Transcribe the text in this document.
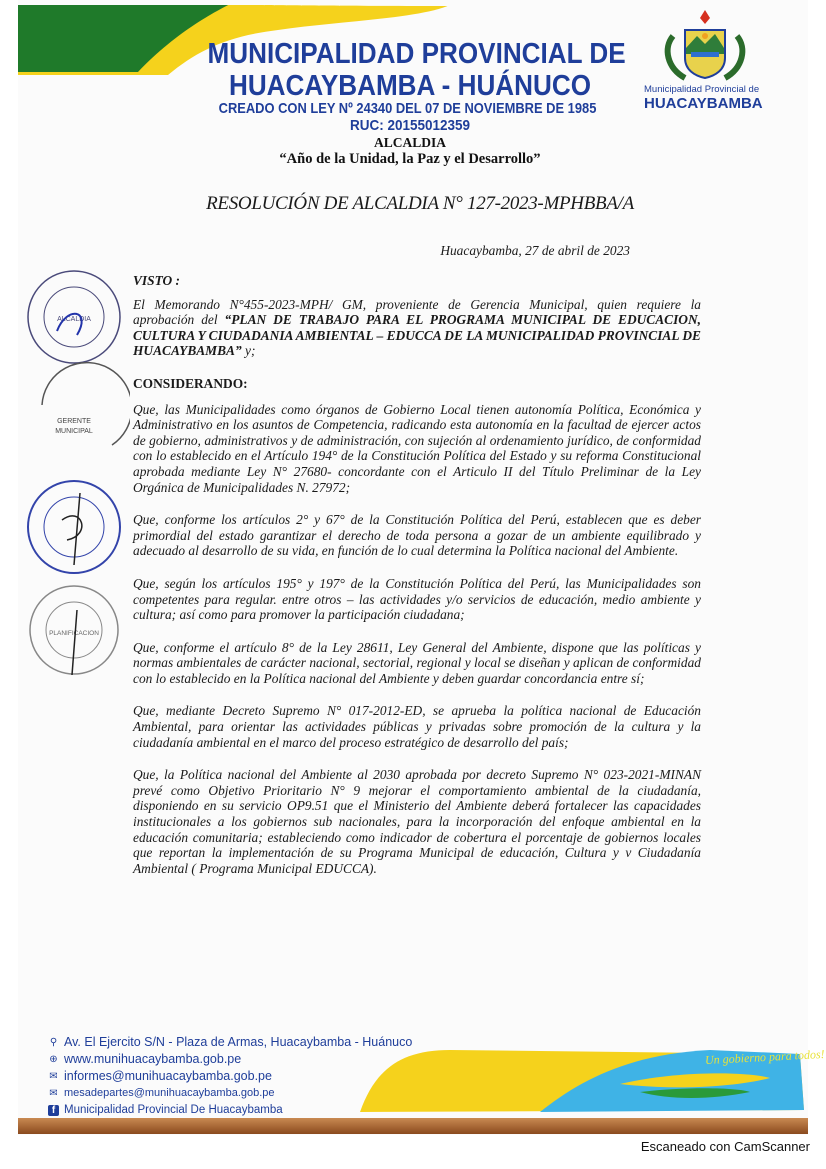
MUNICIPALIDAD PROVINCIAL DE
HUACAYBAMBA - HUÁNUCO
CREADO CON LEY Nº 24340 DEL 07 DE NOVIEMBRE DE 1985
RUC: 20155012359
ALCALDIA
“Año de la Unidad, la Paz y el Desarrollo”
Municipalidad Provincial de
HUACAYBAMBA
RESOLUCIÓN DE ALCALDIA N° 127-2023-MPHBBA/A
Huacaybamba, 27 de abril de 2023
VISTO :
El Memorando N°455-2023-MPH/ GM, proveniente de Gerencia Municipal, quien requiere la aprobación del “PLAN DE TRABAJO PARA EL PROGRAMA MUNICIPAL DE EDUCACION, CULTURA Y CIUDADANIA AMBIENTAL – EDUCCA DE LA MUNICIPALIDAD PROVINCIAL DE HUACAYBAMBA” y;
CONSIDERANDO:
Que, las Municipalidades como órganos de Gobierno Local tienen autonomía Política, Económica y Administrativo en los asuntos de Competencia, radicando esta autonomía en la facultad de ejercer actos de gobierno, administrativos y de administración, con sujeción al ordenamiento jurídico, de conformidad con lo establecido en el Artículo 194° de la Constitución Política del Estado y su reforma Constitucional aprobada mediante Ley N° 27680- concordante con el Articulo II del Título Preliminar de la Ley Orgánica de Municipalidades N. 27972;
Que, conforme los artículos 2° y 67° de la Constitución Política del Perú, establecen que es deber primordial del estado garantizar el derecho de toda persona a gozar de un ambiente equilibrado y adecuado al desarrollo de su vida, en función de lo cual determina la Política nacional del Ambiente.
Que, según los artículos 195° y 197° de la Constitución Política del Perú, las Municipalidades son competentes para regular. entre otros – las actividades y/o servicios de educación, medio ambiente y cultura; así como para promover la participación ciudadana;
Que, conforme el artículo 8° de la Ley 28611, Ley General del Ambiente, dispone que las políticas y normas ambientales de carácter nacional, sectorial, regional y local se diseñan y aplican de conformidad con lo establecido en la Política nacional del Ambiente y deben guardar concordancia entre sí;
Que, mediante Decreto Supremo N° 017-2012-ED, se aprueba la política nacional de Educación Ambiental, para orientar las actividades públicas y privadas sobre promoción de la cultura y la ciudadanía ambiental en el marco del proceso estratégico de desarrollo del país;
Que, la Política nacional del Ambiente al 2030 aprobada por decreto Supremo N° 023-2021-MINAN prevé como Objetivo Prioritario N° 9 mejorar el comportamiento ambiental de la ciudadanía, disponiendo en su servicio OP9.51 que el Ministerio del Ambiente deberá fortalecer las capacidades institucionales a los gobiernos sub nacionales, para la incorporación del enfoque ambiental en la educación comunitaria; estableciendo como indicador de cobertura el porcentaje de gobiernos locales que reportan la implementación de su Programa Municipal de educación, Cultura y v Ciudadanía Ambiental ( Programa Municipal EDUCCA).
ALCALDIA
GERENTE
MUNICIPAL
PLANIFICACION
⚲ Av. El Ejercito S/N - Plaza de Armas, Huacaybamba - Huánuco
⊕ www.munihuacaybamba.gob.pe
✉ informes@munihuacaybamba.gob.pe
✉ mesadepartes@munihuacaybamba.gob.pe
f Municipalidad Provincial De Huacaybamba
Un gobierno para todos!
Escaneado con CamScanner
